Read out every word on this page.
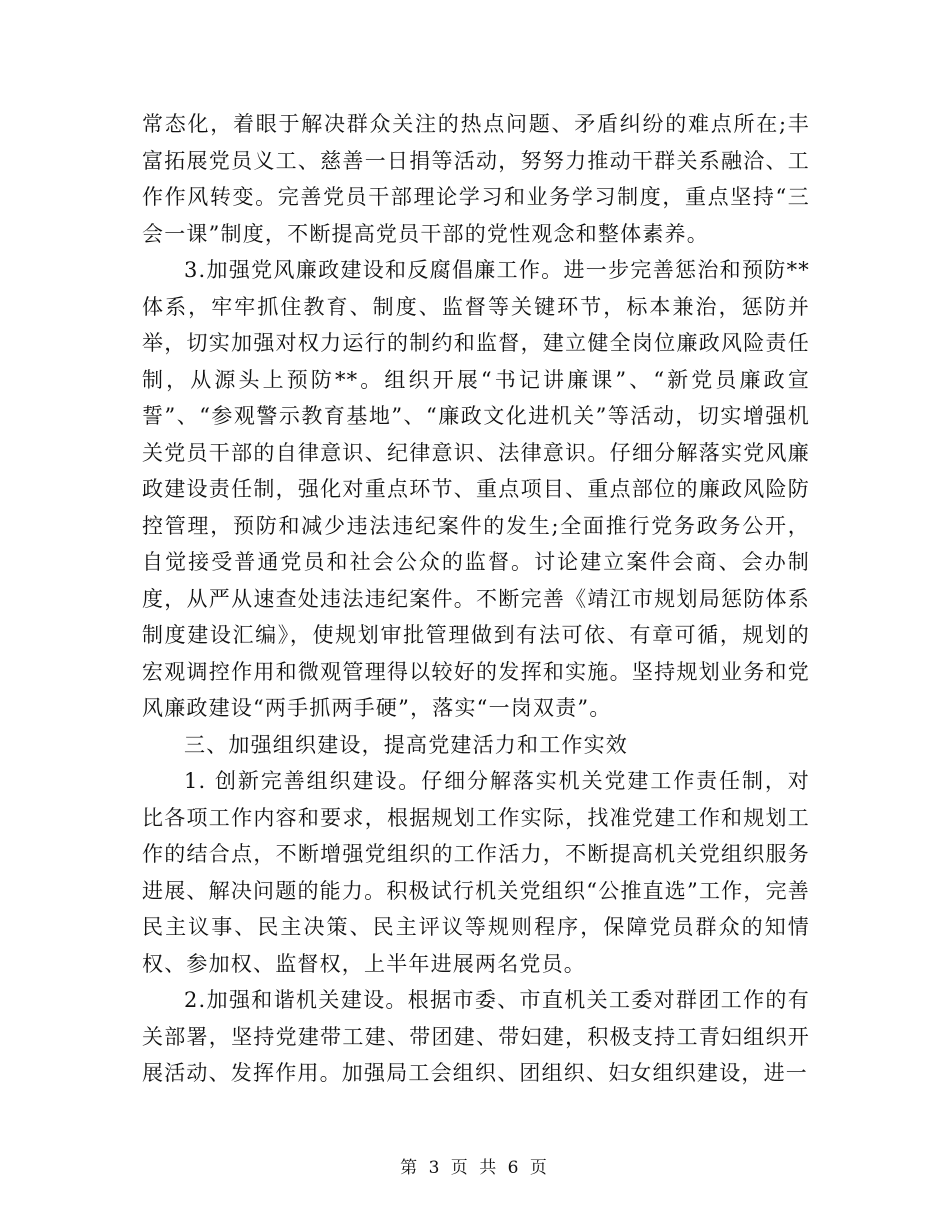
常态化，着眼于解决群众关注的热点问题、矛盾纠纷的难点所在;丰富拓展党员义工、慈善一日捐等活动，努努力推动干群关系融洽、工作作风转变。完善党员干部理论学习和业务学习制度，重点坚持“三会一课”制度，不断提高党员干部的党性观念和整体素养。

3.加强党风廉政建设和反腐倡廉工作。进一步完善惩治和预防**体系，牢牢抓住教育、制度、监督等关键环节，标本兼治，惩防并举，切实加强对权力运行的制约和监督，建立健全岗位廉政风险责任制，从源头上预防**。组织开展“书记讲廉课”、“新党员廉政宣誓”、“参观警示教育基地”、“廉政文化进机关”等活动，切实增强机关党员干部的自律意识、纪律意识、法律意识。仔细分解落实党风廉政建设责任制，强化对重点环节、重点项目、重点部位的廉政风险防控管理，预防和减少违法违纪案件的发生;全面推行党务政务公开，自觉接受普通党员和社会公众的监督。讨论建立案件会商、会办制度，从严从速查处违法违纪案件。不断完善《靖江市规划局惩防体系制度建设汇编》，使规划审批管理做到有法可依、有章可循，规划的宏观调控作用和微观管理得以较好的发挥和实施。坚持规划业务和党风廉政建设“两手抓两手硬”，落实“一岗双责”。

三、加强组织建设，提高党建活力和工作实效

1. 创新完善组织建设。仔细分解落实机关党建工作责任制，对比各项工作内容和要求，根据规划工作实际，找准党建工作和规划工作的结合点，不断增强党组织的工作活力，不断提高机关党组织服务进展、解决问题的能力。积极试行机关党组织“公推直选”工作，完善民主议事、民主决策、民主评议等规则程序，保障党员群众的知情权、参加权、监督权，上半年进展两名党员。

2.加强和谐机关建设。根据市委、市直机关工委对群团工作的有关部署，坚持党建带工建、带团建、带妇建，积极支持工青妇组织开展活动、发挥作用。加强局工会组织、团组织、妇女组织建设，进一

第 3 页 共 6 页
